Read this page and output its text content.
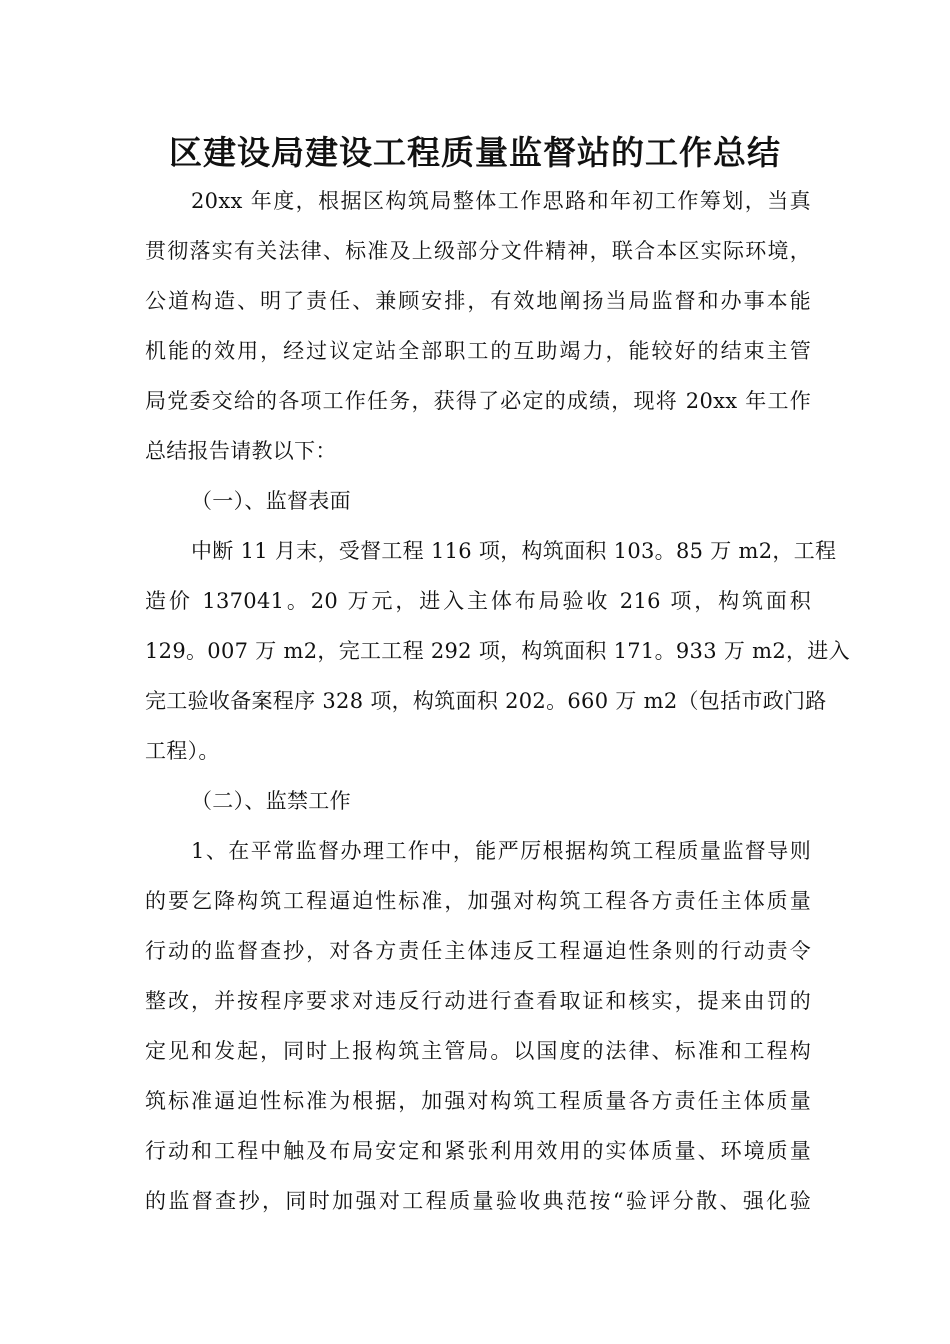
区建设局建设工程质量监督站的工作总结
20xx 年度，根据区构筑局整体工作思路和年初工作筹划，当真
贯彻落实有关法律、标准及上级部分文件精神，联合本区实际环境，
公道构造、明了责任、兼顾安排，有效地阐扬当局监督和办事本能
机能的效用，经过议定站全部职工的互助竭力，能较好的结束主管
局党委交给的各项工作任务，获得了必定的成绩，现将 20xx 年工作
总结报告请教以下：
（一）、监督表面
中断 11 月末，受督工程 116 项，构筑面积 103。85 万 m2，工程
造价 137041。20 万元，进入主体布局验收 216 项，构筑面积
129。007 万 m2，完工工程 292 项，构筑面积 171。933 万 m2，进入
完工验收备案程序 328 项，构筑面积 202。660 万 m2（包括市政门路
工程）。
（二）、监禁工作
1、在平常监督办理工作中，能严厉根据构筑工程质量监督导则
的要乞降构筑工程逼迫性标准，加强对构筑工程各方责任主体质量
行动的监督查抄，对各方责任主体违反工程逼迫性条则的行动责令
整改，并按程序要求对违反行动进行查看取证和核实，提来由罚的
定见和发起，同时上报构筑主管局。以国度的法律、标准和工程构
筑标准逼迫性标准为根据，加强对构筑工程质量各方责任主体质量
行动和工程中触及布局安定和紧张利用效用的实体质量、环境质量
的监督查抄，同时加强对工程质量验收典范按“验评分散、强化验
